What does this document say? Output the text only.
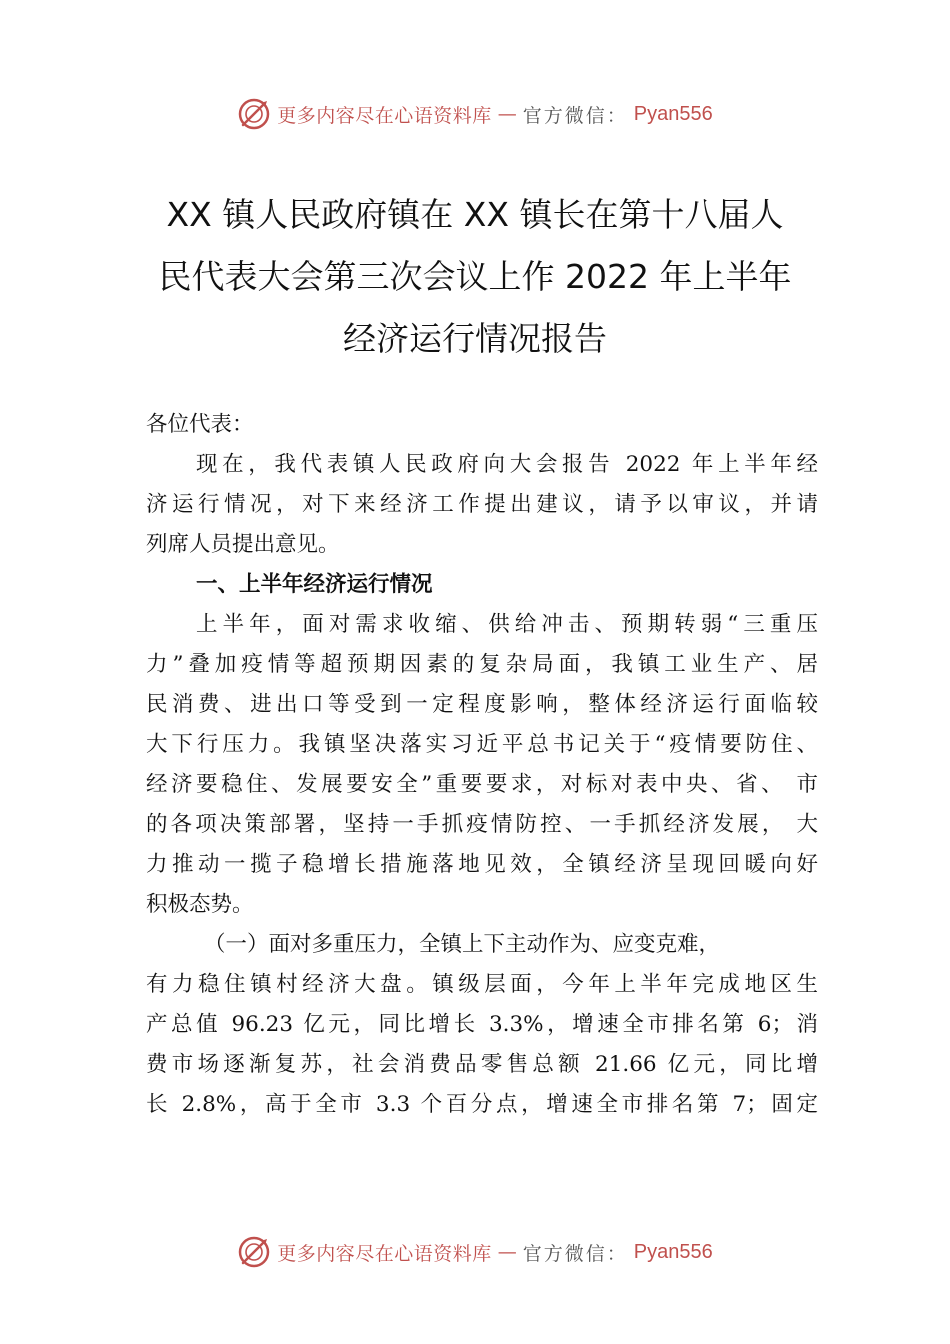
更多内容尽在心语资料库 — 官方微信： Pyan556
XX 镇人民政府镇在 XX 镇长在第十八届人
民代表大会第三次会议上作 2022 年上半年
经济运行情况报告
各位代表：
现在，我代表镇人民政府向大会报告 2022 年上半年经
济运行情况，对下来经济工作提出建议，请予以审议，并请
列席人员提出意见。
一、上半年经济运行情况
上半年，面对需求收缩、供给冲击、预期转弱“三重压
力”叠加疫情等超预期因素的复杂局面，我镇工业生产、居
民消费、进出口等受到一定程度影响，整体经济运行面临较
大下行压力。我镇坚决落实习近平总书记关于“疫情要防住、
经济要稳住、发展要安全”重要要求，对标对表中央、省、 市
的各项决策部署，坚持一手抓疫情防控、一手抓经济发展， 大
力推动一揽子稳增长措施落地见效，全镇经济呈现回暖向好
积极态势。
（一）面对多重压力，全镇上下主动作为、应变克难，
有力稳住镇村经济大盘。镇级层面，今年上半年完成地区生
产总值 96.23 亿元，同比增长 3.3%，增速全市排名第 6；消
费市场逐渐复苏，社会消费品零售总额 21.66 亿元，同比增
长 2.8%，高于全市 3.3 个百分点，增速全市排名第 7；固定
更多内容尽在心语资料库 — 官方微信： Pyan556
